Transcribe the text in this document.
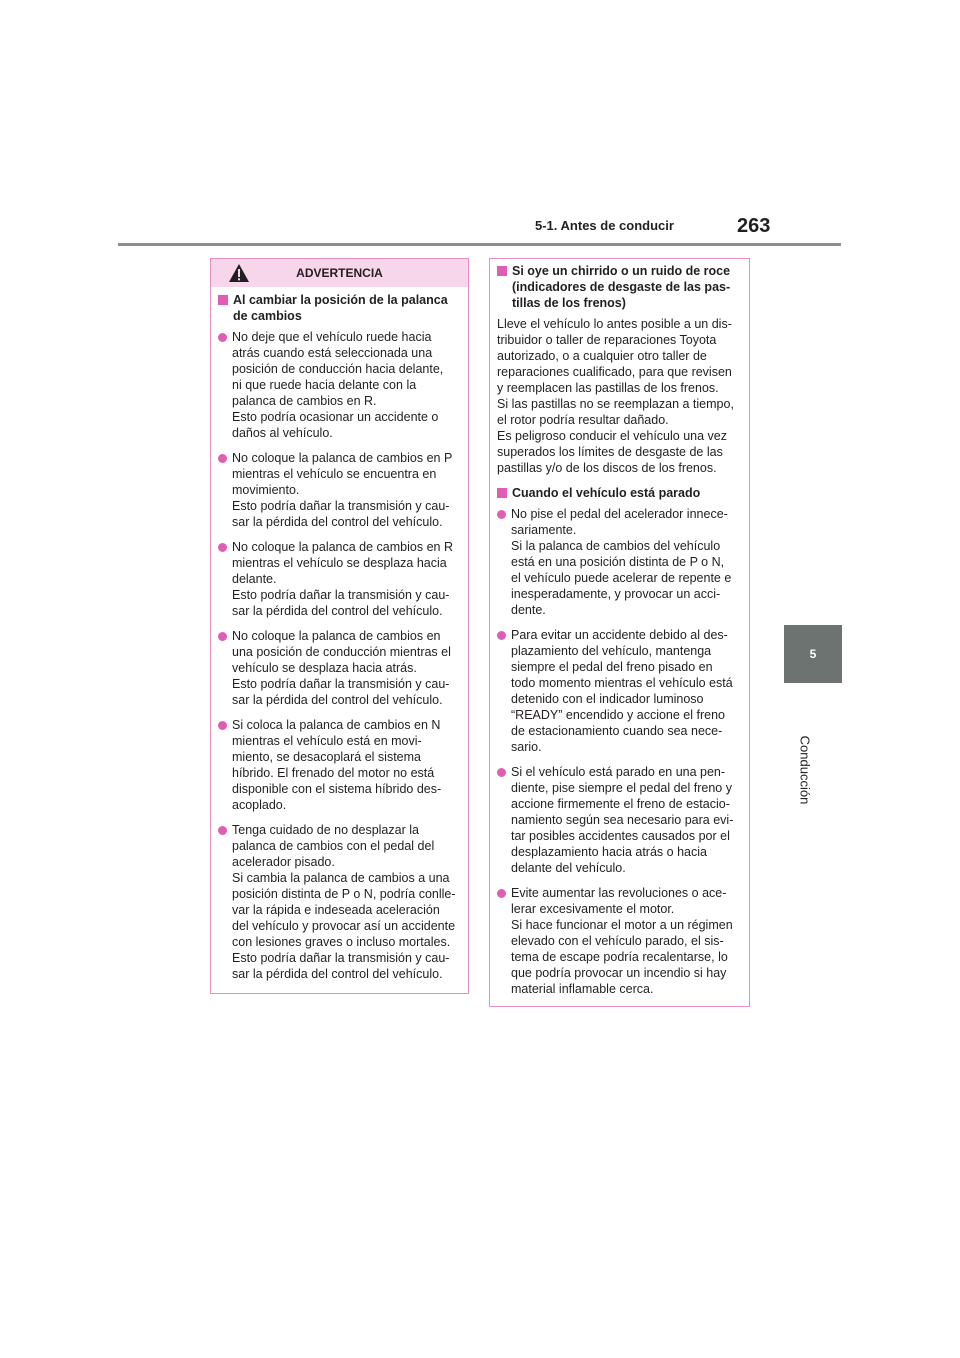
5-1. Antes de conducir	263
5
Conducción
ADVERTENCIA
Al cambiar la posición de la palanca
de cambios
No deje que el vehículo ruede hacia
atrás cuando está seleccionada una
posición de conducción hacia delante,
ni que ruede hacia delante con la
palanca de cambios en R.
Esto podría ocasionar un accidente o
daños al vehículo.
No coloque la palanca de cambios en P
mientras el vehículo se encuentra en
movimiento.
Esto podría dañar la transmisión y cau-
sar la pérdida del control del vehículo.
No coloque la palanca de cambios en R
mientras el vehículo se desplaza hacia
delante.
Esto podría dañar la transmisión y cau-
sar la pérdida del control del vehículo.
No coloque la palanca de cambios en
una posición de conducción mientras el
vehículo se desplaza hacia atrás.
Esto podría dañar la transmisión y cau-
sar la pérdida del control del vehículo.
Si coloca la palanca de cambios en N
mientras el vehículo está en movi-
miento, se desacoplará el sistema
híbrido. El frenado del motor no está
disponible con el sistema híbrido des-
acoplado.
Tenga cuidado de no desplazar la
palanca de cambios con el pedal del
acelerador pisado.
Si cambia la palanca de cambios a una
posición distinta de P o N, podría conlle-
var la rápida e indeseada aceleración
del vehículo y provocar así un accidente
con lesiones graves o incluso mortales.
Esto podría dañar la transmisión y cau-
sar la pérdida del control del vehículo.
Si oye un chirrido o un ruido de roce
(indicadores de desgaste de las pas-
tillas de los frenos)
Lleve el vehículo lo antes posible a un dis-
tribuidor o taller de reparaciones Toyota
autorizado, o a cualquier otro taller de
reparaciones cualificado, para que revisen
y reemplacen las pastillas de los frenos.
Si las pastillas no se reemplazan a tiempo,
el rotor podría resultar dañado.
Es peligroso conducir el vehículo una vez
superados los límites de desgaste de las
pastillas y/o de los discos de los frenos.
Cuando el vehículo está parado
No pise el pedal del acelerador innece-
sariamente.
Si la palanca de cambios del vehículo
está en una posición distinta de P o N,
el vehículo puede acelerar de repente e
inesperadamente, y provocar un acci-
dente.
Para evitar un accidente debido al des-
plazamiento del vehículo, mantenga
siempre el pedal del freno pisado en
todo momento mientras el vehículo está
detenido con el indicador luminoso
“READY” encendido y accione el freno
de estacionamiento cuando sea nece-
sario.
Si el vehículo está parado en una pen-
diente, pise siempre el pedal del freno y
accione firmemente el freno de estacio-
namiento según sea necesario para evi-
tar posibles accidentes causados por el
desplazamiento hacia atrás o hacia
delante del vehículo.
Evite aumentar las revoluciones o ace-
lerar excesivamente el motor.
Si hace funcionar el motor a un régimen
elevado con el vehículo parado, el sis-
tema de escape podría recalentarse, lo
que podría provocar un incendio si hay
material inflamable cerca.
